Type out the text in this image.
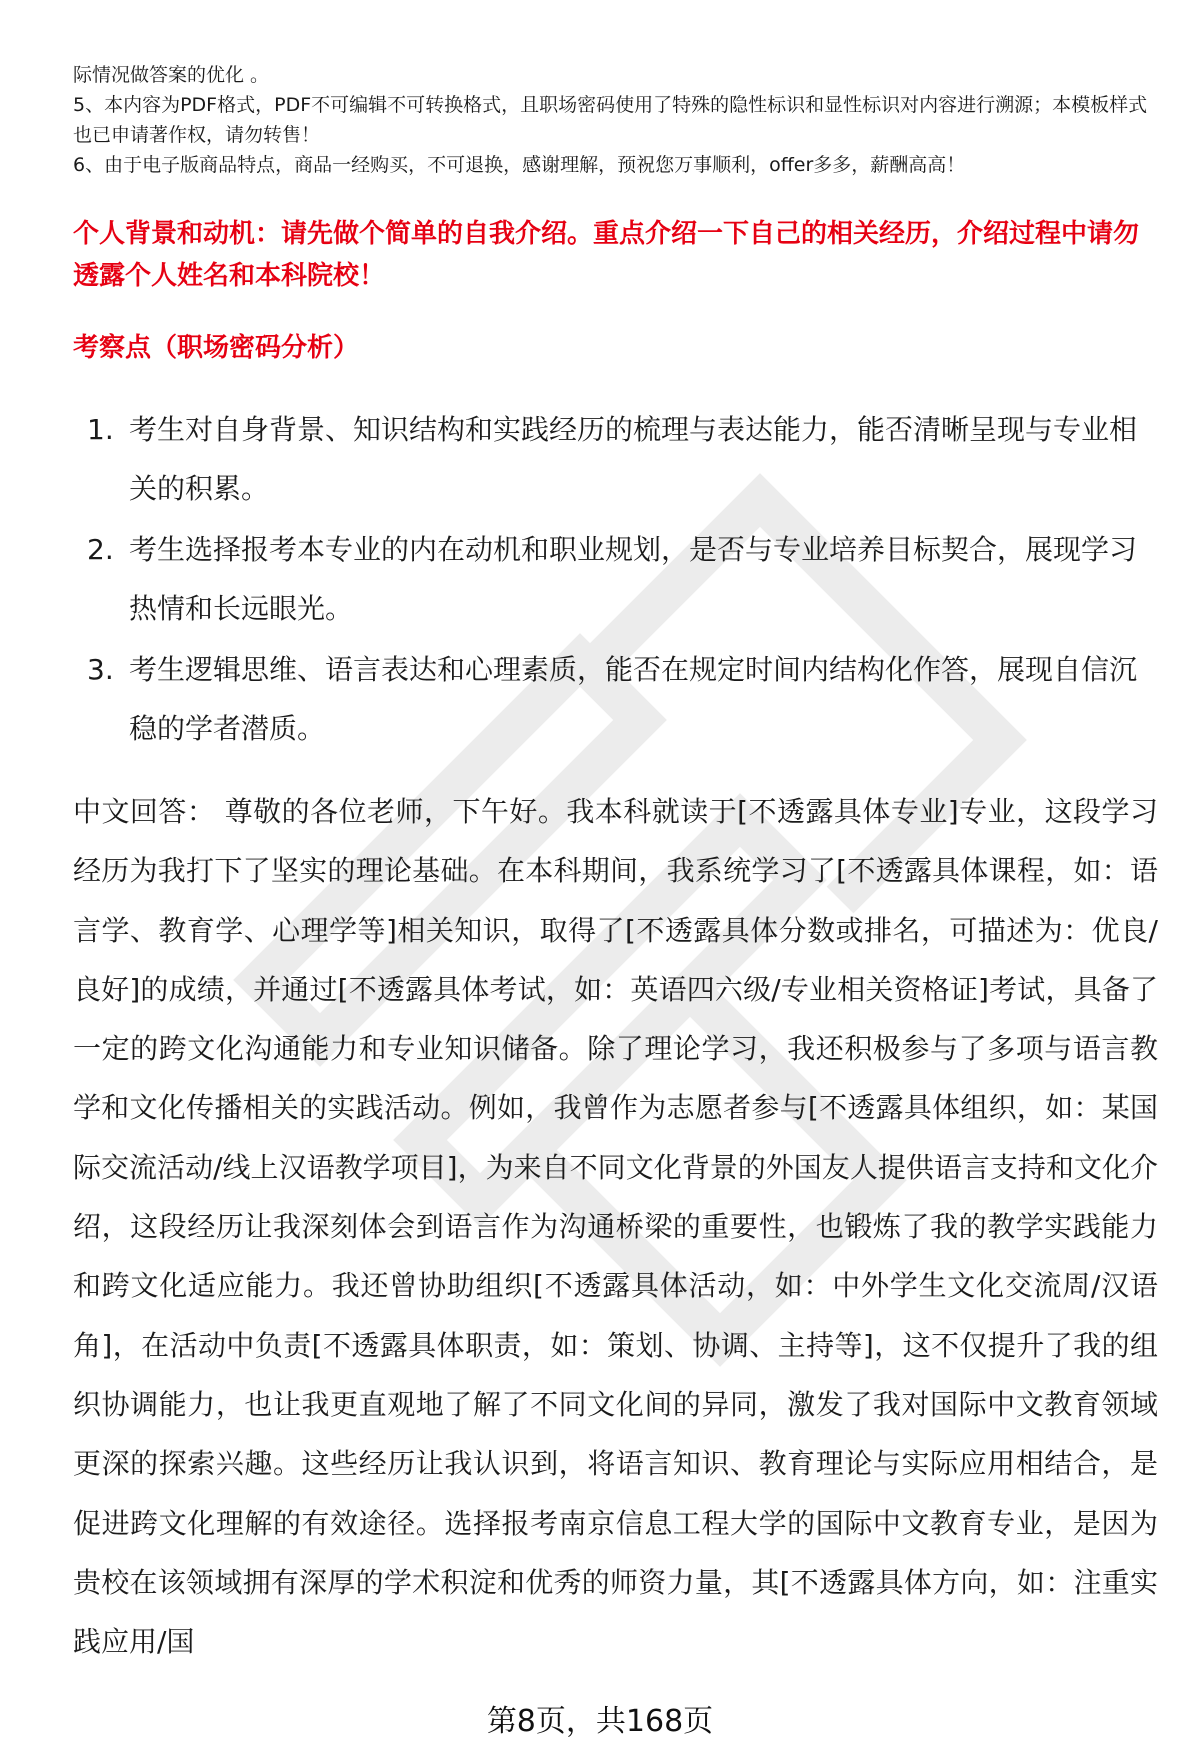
际情况做答案的优化 。

5、本内容为PDF格式，PDF不可编辑不可转换格式，且职场密码使用了特殊的隐性标识和显性标识对内容进行溯源；本模板样式也已申请著作权，请勿转售！

6、由于电子版商品特点，商品一经购买，不可退换，感谢理解，预祝您万事顺利，offer多多，薪酬高高！

个人背景和动机：请先做个简单的自我介绍。重点介绍一下自己的相关经历，介绍过程中请勿透露个人姓名和本科院校！

考察点（职场密码分析）

1. 考生对自身背景、知识结构和实践经历的梳理与表达能力，能否清晰呈现与专业相关的积累。
2. 考生选择报考本专业的内在动机和职业规划，是否与专业培养目标契合，展现学习热情和长远眼光。
3. 考生逻辑思维、语言表达和心理素质，能否在规定时间内结构化作答，展现自信沉稳的学者潜质。

中文回答： 尊敬的各位老师，下午好。我本科就读于[不透露具体专业]专业，这段学习经历为我打下了坚实的理论基础。在本科期间，我系统学习了[不透露具体课程，如：语言学、教育学、心理学等]相关知识，取得了[不透露具体分数或排名，可描述为：优良/良好]的成绩，并通过[不透露具体考试，如：英语四六级/专业相关资格证]考试，具备了一定的跨文化沟通能力和专业知识储备。除了理论学习，我还积极参与了多项与语言教学和文化传播相关的实践活动。例如，我曾作为志愿者参与[不透露具体组织，如：某国际交流活动/线上汉语教学项目]，为来自不同文化背景的外国友人提供语言支持和文化介绍，这段经历让我深刻体会到语言作为沟通桥梁的重要性，也锻炼了我的教学实践能力和跨文化适应能力。我还曾协助组织[不透露具体活动，如：中外学生文化交流周/汉语角]，在活动中负责[不透露具体职责，如：策划、协调、主持等]，这不仅提升了我的组织协调能力，也让我更直观地了解了不同文化间的异同，激发了我对国际中文教育领域更深的探索兴趣。这些经历让我认识到，将语言知识、教育理论与实际应用相结合，是促进跨文化理解的有效途径。选择报考南京信息工程大学的国际中文教育专业，是因为贵校在该领域拥有深厚的学术积淀和优秀的师资力量，其[不透露具体方向，如：注重实践应用/国

第8页，共168页
